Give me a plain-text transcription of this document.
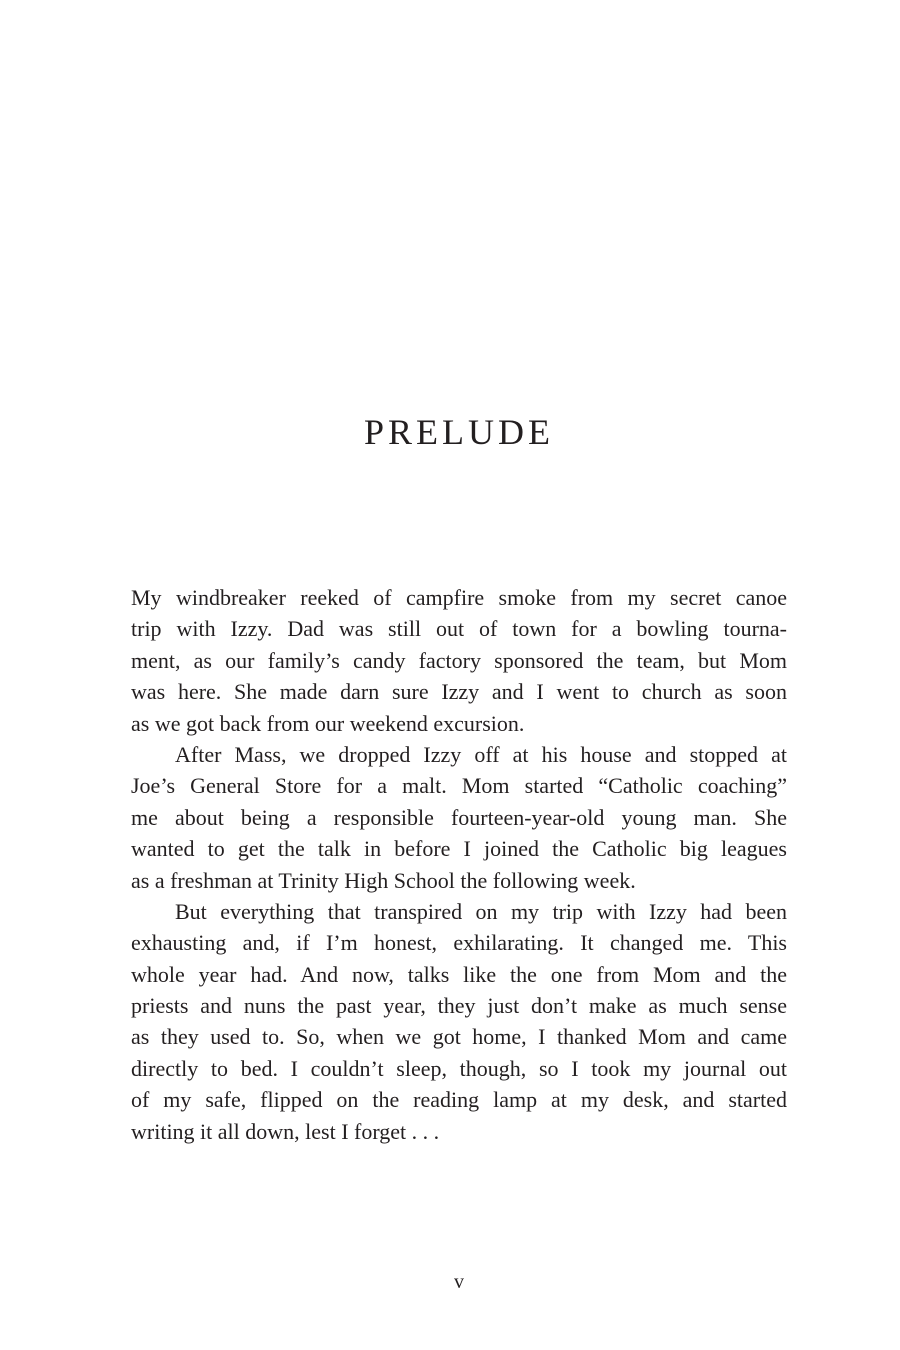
PRELUDE
My windbreaker reeked of campfire smoke from my secret canoe
trip with Izzy. Dad was still out of town for a bowling tourna-
ment, as our family’s candy factory sponsored the team, but Mom
was here. She made darn sure Izzy and I went to church as soon
as we got back from our weekend excursion.
After Mass, we dropped Izzy off at his house and stopped at
Joe’s General Store for a malt. Mom started “Catholic coaching”
me about being a responsible fourteen-year-old young man. She
wanted to get the talk in before I joined the Catholic big leagues
as a freshman at Trinity High School the following week.
But everything that transpired on my trip with Izzy had been
exhausting and, if I’m honest, exhilarating. It changed me. This
whole year had. And now, talks like the one from Mom and the
priests and nuns the past year, they just don’t make as much sense
as they used to. So, when we got home, I thanked Mom and came
directly to bed. I couldn’t sleep, though, so I took my journal out
of my safe, flipped on the reading lamp at my desk, and started
writing it all down, lest I forget . . .
v
